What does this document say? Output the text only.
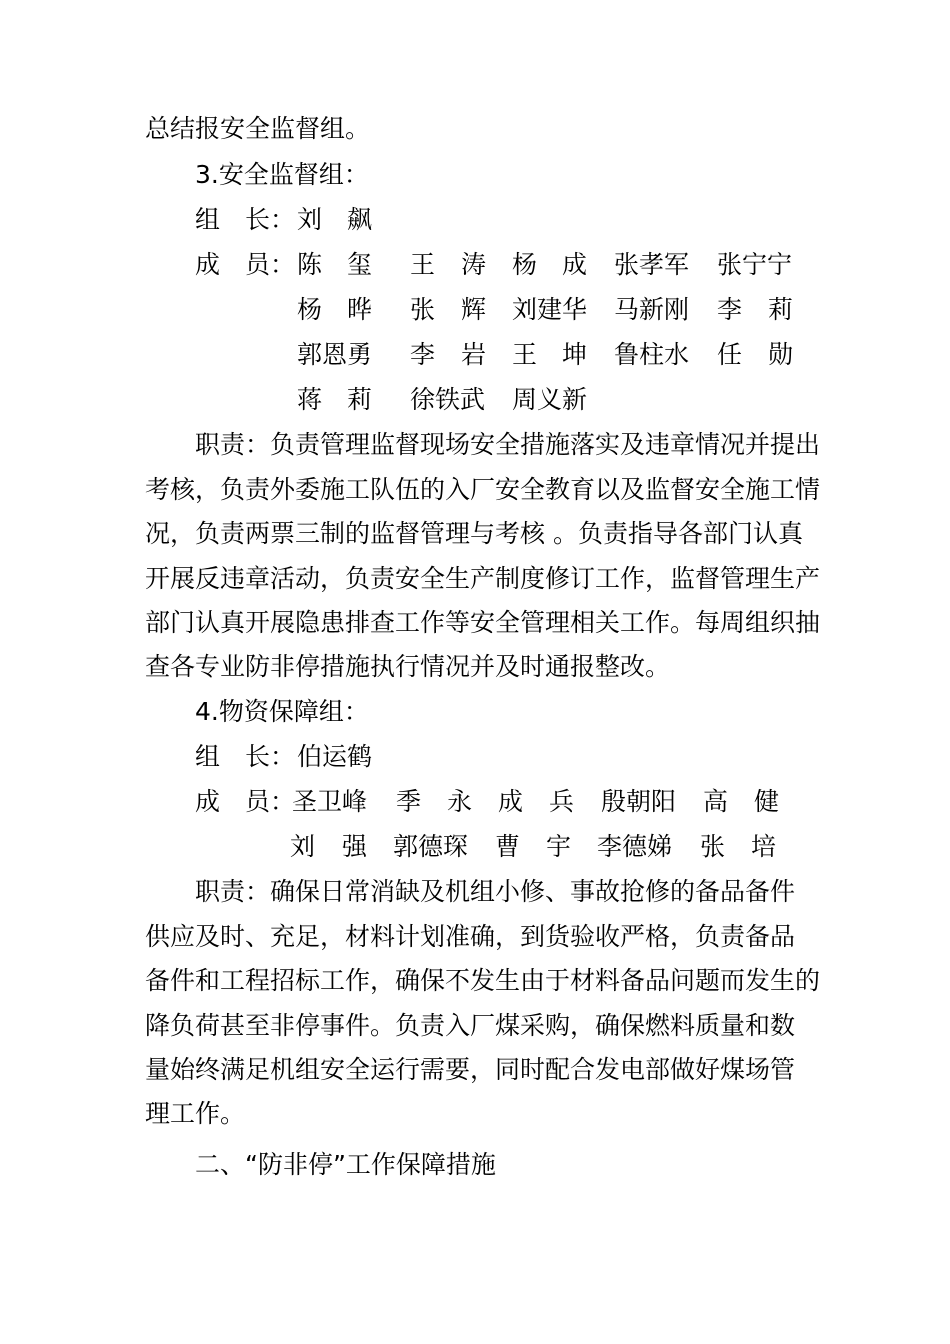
总结报安全监督组。
3.安全监督组：
组 长： 刘 飙
成 员： 陈 玺 王 涛 杨 成 张孝军 张宁宁
杨 晔 张 辉 刘建华 马新刚 李 莉
郭恩勇 李 岩 王 坤 鲁柱水 任 勋
蒋 莉 徐铁武 周义新
职责：负责管理监督现场安全措施落实及违章情况并提出
考核，负责外委施工队伍的入厂安全教育以及监督安全施工情
况，负责两票三制的监督管理与考核 。负责指导各部门认真
开展反违章活动，负责安全生产制度修订工作，监督管理生产
部门认真开展隐患排查工作等安全管理相关工作。每周组织抽
查各专业防非停措施执行情况并及时通报整改。
4.物资保障组：
组 长： 伯运鹤
成 员：
圣卫峰 季 永 成 兵 殷朝阳 高 健
刘 强 郭德琛 曹 宇 李德娣 张 培
职责：确保日常消缺及机组小修、事故抢修的备品备件
供应及时、充足，材料计划准确，到货验收严格，负责备品
备件和工程招标工作，确保不发生由于材料备品问题而发生的
降负荷甚至非停事件。负责入厂煤采购，确保燃料质量和数
量始终满足机组安全运行需要，同时配合发电部做好煤场管
理工作。
二、“防非停”工作保障措施
